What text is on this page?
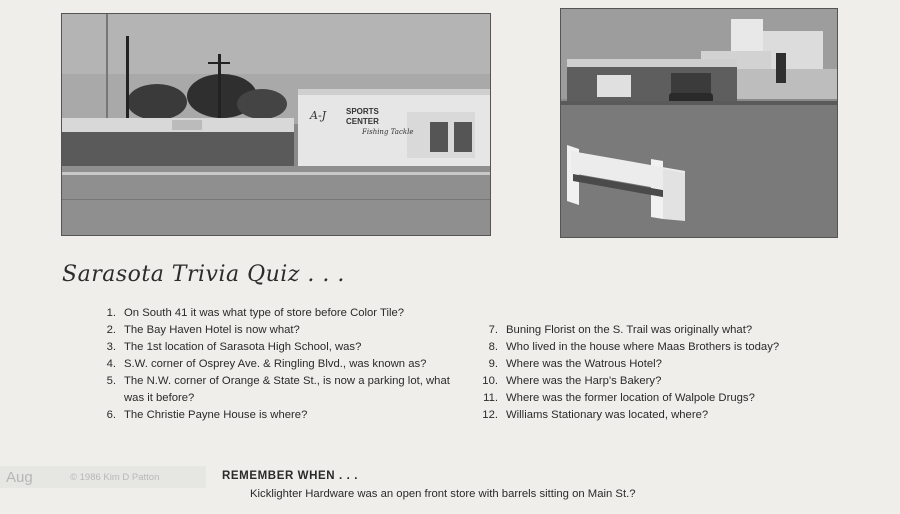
A-J SPORTS
CENTER
Fishing Tackle
Sarasota Trivia Quiz . . .
1. On South 41 it was what type of store before Color Tile?
2. The Bay Haven Hotel is now what?
3. The 1st location of Sarasota High School, was?
4. S.W. corner of Osprey Ave. & Ringling Blvd., was known as?
5. The N.W. corner of Orange & State St., is now a parking lot, what was it before?
6. The Christie Payne House is where?
7. Buning Florist on the S. Trail was originally what?
8. Who lived in the house where Maas Brothers is today?
9. Where was the Watrous Hotel?
10. Where was the Harp's Bakery?
11. Where was the former location of Walpole Drugs?
12. Williams Stationary was located, where?
Aug	© 1986 Kim D Patton	REMEMBER WHEN . . .
Kicklighter Hardware was an open front store with barrels sitting on Main St.?
